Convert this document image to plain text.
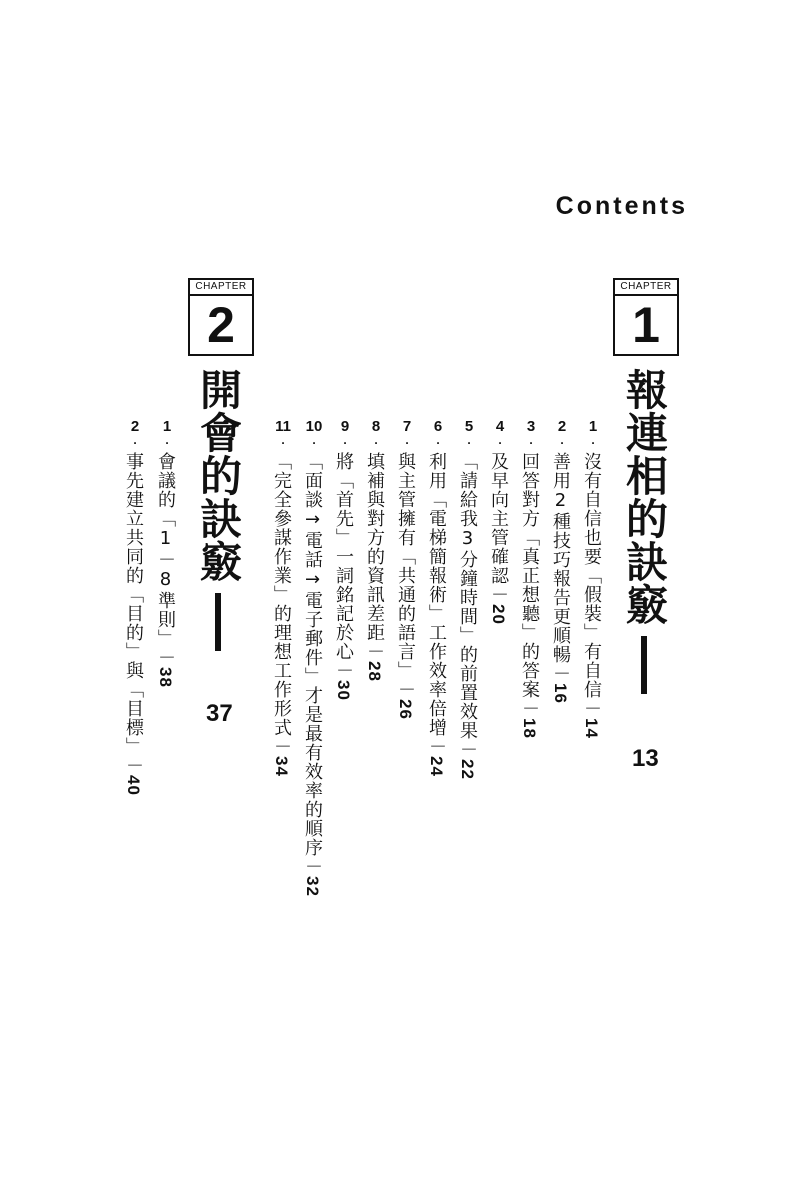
Contents
CHAPTER
1
報連相的訣竅
13
1
.
沒有自信也要「假裝」有自信－14
2
.
善用2種技巧報告更順暢－16
3
.
回答對方「真正想聽」的答案－18
4
.
及早向主管確認－20
5
.
「請給我3分鐘時間」的前置效果－22
6
.
利用「電梯簡報術」工作效率倍增－24
7
.
與主管擁有「共通的語言」－26
8
.
填補與對方的資訊差距－28
9
.
將「首先」一詞銘記於心－30
10
.
「面談→電話→電子郵件」才是最有效率的順序－32
11
.
「完全參謀作業」的理想工作形式－34
CHAPTER
2
開會的訣竅
37
1
.
會議的「1－8準則」－38
2
.
事先建立共同的「目的」與「目標」－40
